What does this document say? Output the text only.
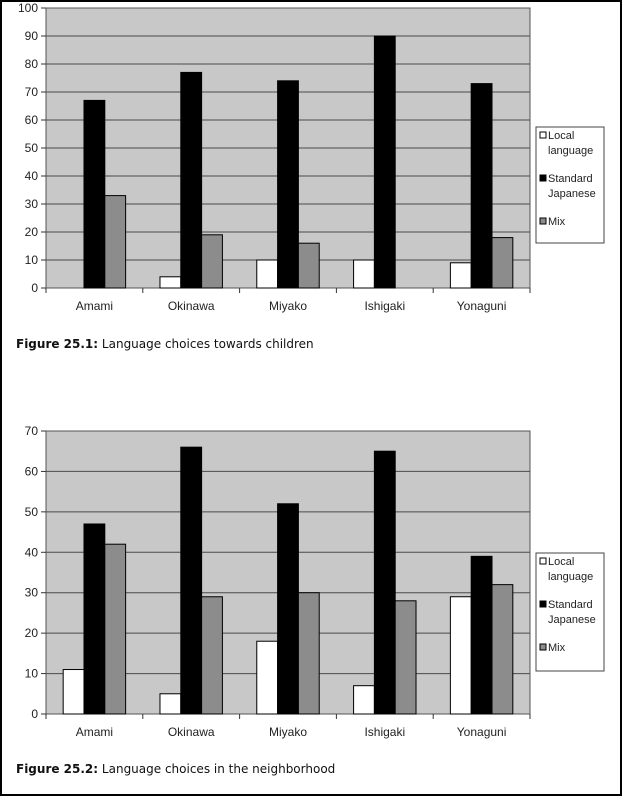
0
10
20
30
40
50
60
70
80
90
100
Amami	Okinawa	Miyako	Ishigaki	Yonaguni
Local
language
Standard
Japanese
Mix
Figure 25.1: Language choices towards children
0
10
20
30
40
50
60
70
Amami	Okinawa	Miyako	Ishigaki	Yonaguni
Local
language
Standard
Japanese
Mix
Figure 25.2: Language choices in the neighborhood
